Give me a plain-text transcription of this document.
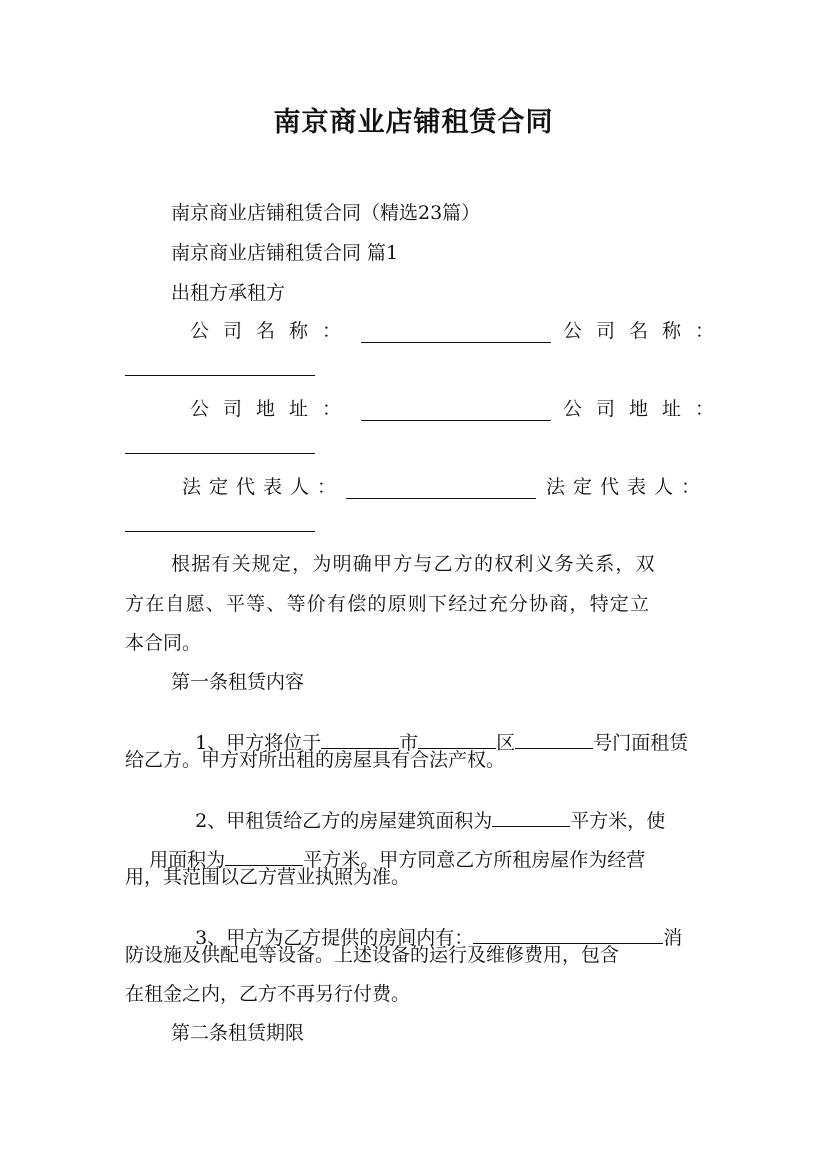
南京商业店铺租赁合同
南京商业店铺租赁合同（精选23篇）
南京商业店铺租赁合同 篇1
出租方承租方
公司名称：	公司名称：
公司地址：	公司地址：
法定代表人：	法定代表人：
根据有关规定，为明确甲方与乙方的权利义务关系，双
方在自愿、平等、等价有偿的原则下经过充分协商，特定立
本合同。
第一条租赁内容

1、甲方将位于	市	区	号门面租赁

给乙方。甲方对所出租的房屋具有合法产权。

2、甲租赁给乙方的房屋建筑面积为	平方米，使

用面积为	平方米。甲方同意乙方所租房屋作为经营

用，其范围以乙方营业执照为准。

3、甲方为乙方提供的房间内有：	消

防设施及供配电等设备。上述设备的运行及维修费用，包含
在租金之内，乙方不再另行付费。
第二条租赁期限
